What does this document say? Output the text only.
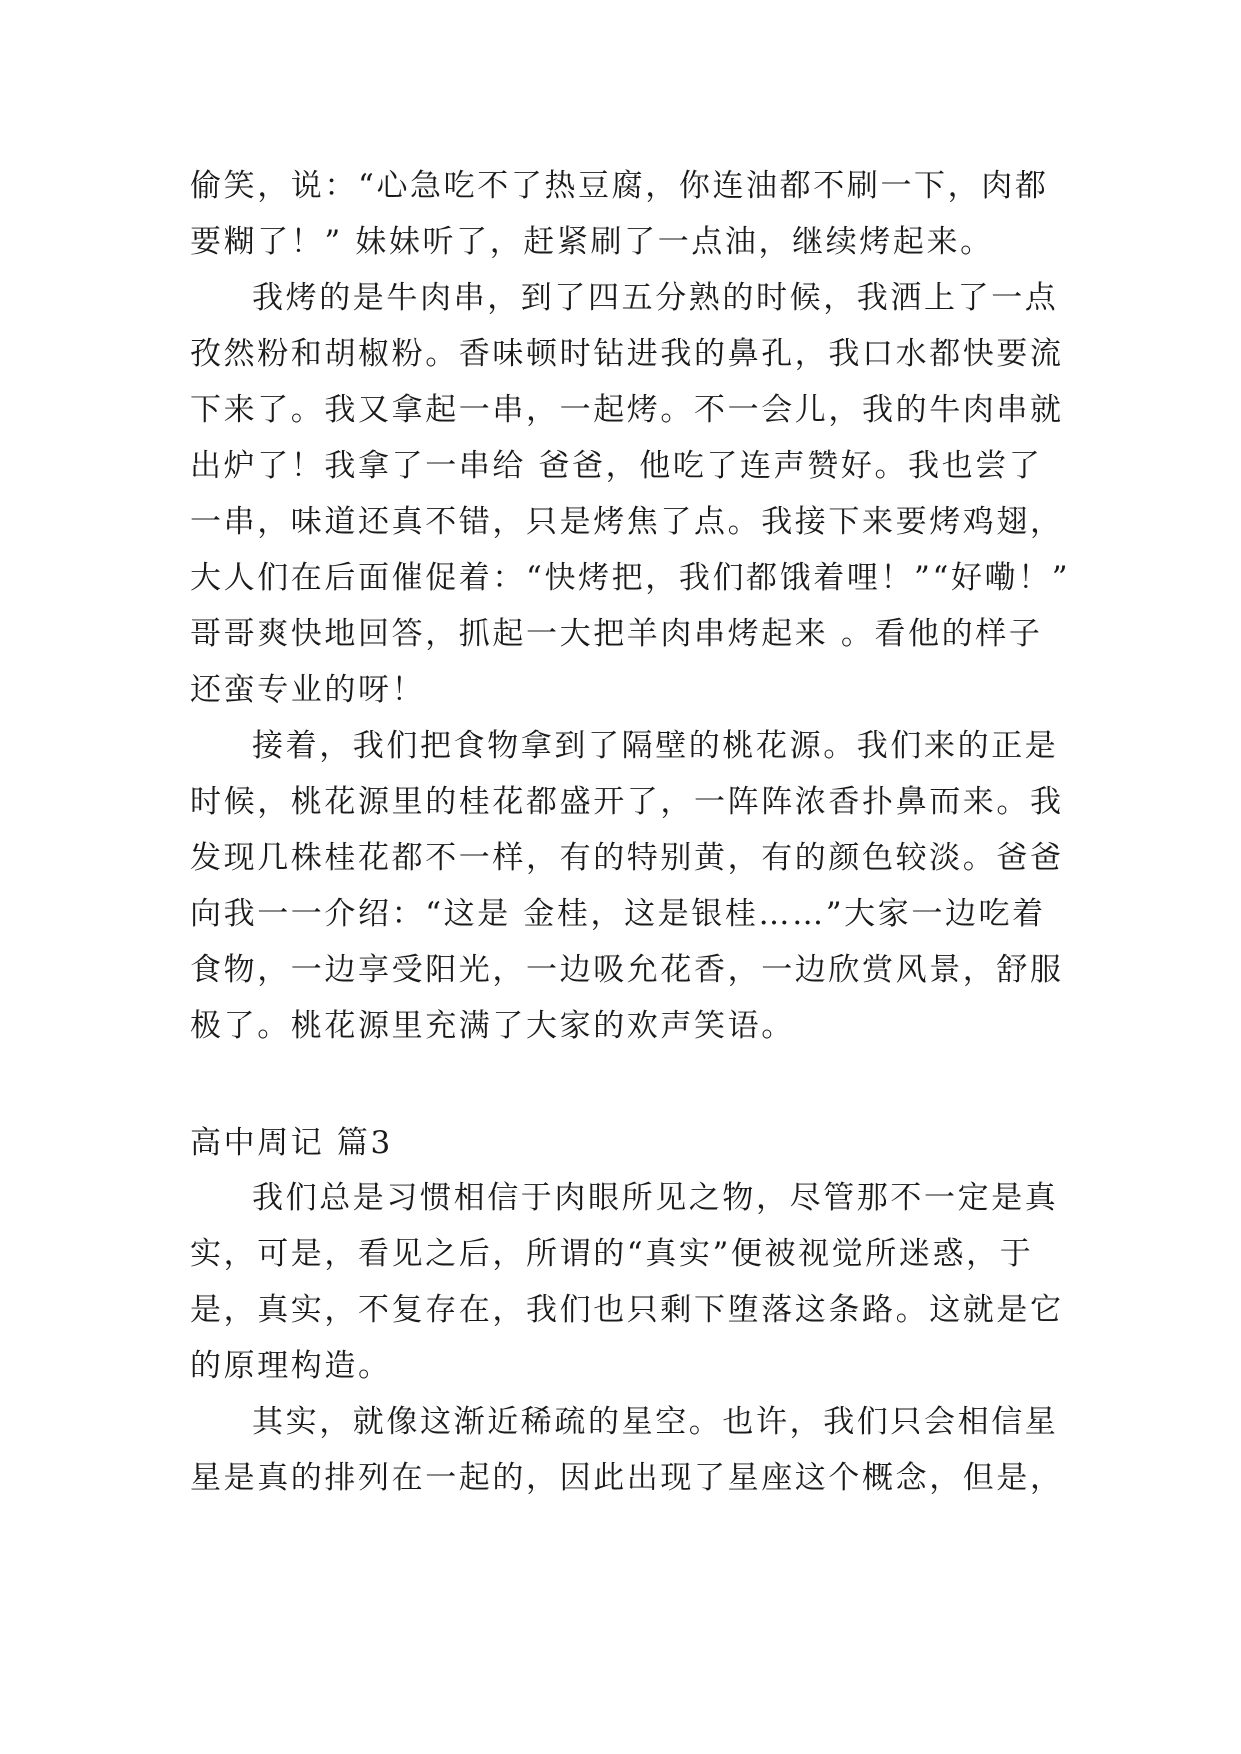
偷笑，说：“心急吃不了热豆腐，你连油都不刷一下，肉都
要糊了！” 妹妹听了，赶紧刷了一点油，继续烤起来。
我烤的是牛肉串，到了四五分熟的时候，我洒上了一点
孜然粉和胡椒粉。香味顿时钻进我的鼻孔，我口水都快要流
下来了。我又拿起一串，一起烤。不一会儿，我的牛肉串就
出炉了！我拿了一串给 爸爸，他吃了连声赞好。我也尝了
一串，味道还真不错，只是烤焦了点。我接下来要烤鸡翅，
大人们在后面催促着：“快烤把，我们都饿着哩！”“好嘞！”
哥哥爽快地回答，抓起一大把羊肉串烤起来 。看他的样子
还蛮专业的呀！
接着，我们把食物拿到了隔壁的桃花源。我们来的正是
时候，桃花源里的桂花都盛开了，一阵阵浓香扑鼻而来。我
发现几株桂花都不一样，有的特别黄，有的颜色较淡。爸爸
向我一一介绍：“这是 金桂，这是银桂……”大家一边吃着
食物，一边享受阳光，一边吸允花香，一边欣赏风景，舒服
极了。桃花源里充满了大家的欢声笑语。
高中周记 篇3
我们总是习惯相信于肉眼所见之物，尽管那不一定是真
实，可是，看见之后，所谓的“真实”便被视觉所迷惑，于
是，真实，不复存在，我们也只剩下堕落这条路。这就是它
的原理构造。
其实，就像这渐近稀疏的星空。也许，我们只会相信星
星是真的排列在一起的，因此出现了星座这个概念，但是，
